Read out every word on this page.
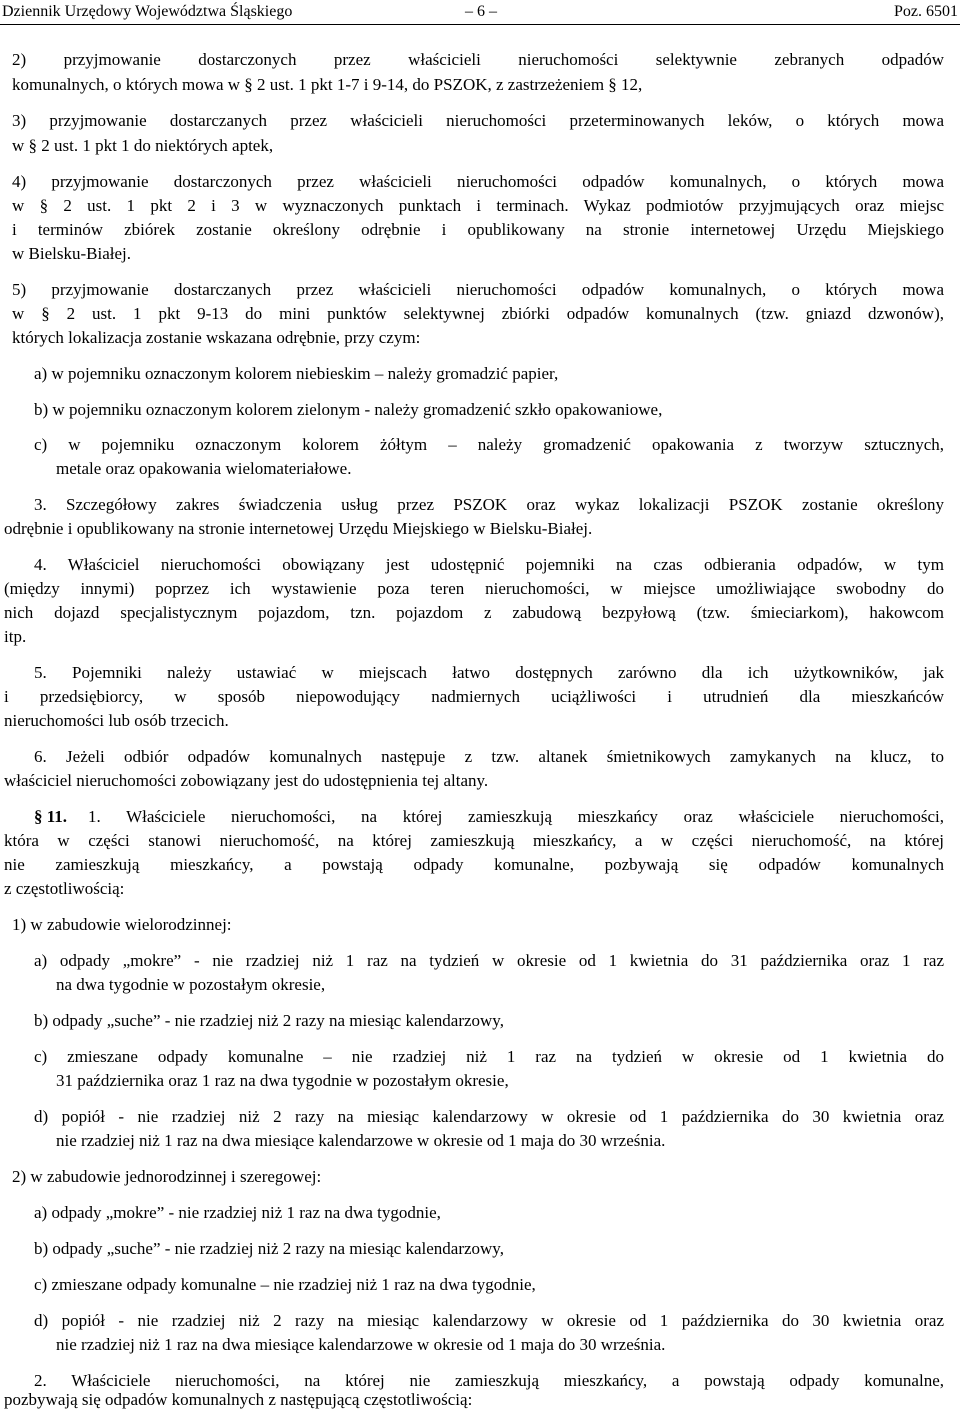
Dziennik Urzędowy Województwa Śląskiego	– 6 –	Poz. 6501
2) przyjmowanie dostarczonych przez właścicieli nieruchomości selektywnie zebranych odpadów
komunalnych, o których mowa w § 2 ust. 1 pkt 1-7 i 9-14, do PSZOK, z zastrzeżeniem § 12,
3) przyjmowanie dostarczanych przez właścicieli nieruchomości przeterminowanych leków, o których mowa
w § 2 ust. 1 pkt 1 do niektórych aptek,
4) przyjmowanie dostarczonych przez właścicieli nieruchomości odpadów komunalnych, o których mowa
w § 2 ust. 1 pkt 2 i 3 w wyznaczonych punktach i terminach. Wykaz podmiotów przyjmujących oraz miejsc
i terminów zbiórek zostanie określony odrębnie i opublikowany na stronie internetowej Urzędu Miejskiego
w Bielsku-Białej.
5) przyjmowanie dostarczanych przez właścicieli nieruchomości odpadów komunalnych, o których mowa
w § 2 ust. 1 pkt 9-13 do mini punktów selektywnej zbiórki odpadów komunalnych (tzw. gniazd dzwonów),
których lokalizacja zostanie wskazana odrębnie, przy czym:
a) w pojemniku oznaczonym kolorem niebieskim – należy gromadzić papier,
b) w pojemniku oznaczonym kolorem zielonym - należy gromadzenić szkło opakowaniowe,
c) w pojemniku oznaczonym kolorem żółtym – należy gromadzenić opakowania z tworzyw sztucznych,
metale oraz opakowania wielomateriałowe.
3. Szczegółowy zakres świadczenia usług przez PSZOK oraz wykaz lokalizacji PSZOK zostanie określony
odrębnie i opublikowany na stronie internetowej Urzędu Miejskiego w Bielsku-Białej.
4. Właściciel nieruchomości obowiązany jest udostępnić pojemniki na czas odbierania odpadów, w tym
(między innymi) poprzez ich wystawienie poza teren nieruchomości, w miejsce umożliwiające swobodny do
nich dojazd specjalistycznym pojazdom, tzn. pojazdom z zabudową bezpyłową (tzw. śmieciarkom), hakowcom
itp.
5. Pojemniki należy ustawiać w miejscach łatwo dostępnych zarówno dla ich użytkowników, jak
i przedsiębiorcy, w sposób niepowodujący nadmiernych uciążliwości i utrudnień dla mieszkańców
nieruchomości lub osób trzecich.
6. Jeżeli odbiór odpadów komunalnych następuje z tzw. altanek śmietnikowych zamykanych na klucz, to
właściciel nieruchomości zobowiązany jest do udostępnienia tej altany.
§ 11. 1. Właściciele nieruchomości, na której zamieszkują mieszkańcy oraz właściciele nieruchomości,
która w części stanowi nieruchomość, na której zamieszkują mieszkańcy, a w części nieruchomość, na której
nie zamieszkują mieszkańcy, a powstają odpady komunalne, pozbywają się odpadów komunalnych
z częstotliwością:
1) w zabudowie wielorodzinnej:
a) odpady „mokre” - nie rzadziej niż 1 raz na tydzień w okresie od 1 kwietnia do 31 października oraz 1 raz
na dwa tygodnie w pozostałym okresie,
b) odpady „suche” - nie rzadziej niż 2 razy na miesiąc kalendarzowy,
c) zmieszane odpady komunalne – nie rzadziej niż 1 raz na tydzień w okresie od 1 kwietnia do
31 października oraz 1 raz na dwa tygodnie w pozostałym okresie,
d) popiół - nie rzadziej niż 2 razy na miesiąc kalendarzowy w okresie od 1 października do 30 kwietnia oraz
nie rzadziej niż 1 raz na dwa miesiące kalendarzowe w okresie od 1 maja do 30 września.
2) w zabudowie jednorodzinnej i szeregowej:
a) odpady „mokre” - nie rzadziej niż 1 raz na dwa tygodnie,
b) odpady „suche” - nie rzadziej niż 2 razy na miesiąc kalendarzowy,
c) zmieszane odpady komunalne – nie rzadziej niż 1 raz na dwa tygodnie,
d) popiół - nie rzadziej niż 2 razy na miesiąc kalendarzowy w okresie od 1 października do 30 kwietnia oraz
nie rzadziej niż 1 raz na dwa miesiące kalendarzowe w okresie od 1 maja do 30 września.
2. Właściciele nieruchomości, na której nie zamieszkują mieszkańcy, a powstają odpady komunalne,
pozbywają się odpadów komunalnych z następującą częstotliwością:
